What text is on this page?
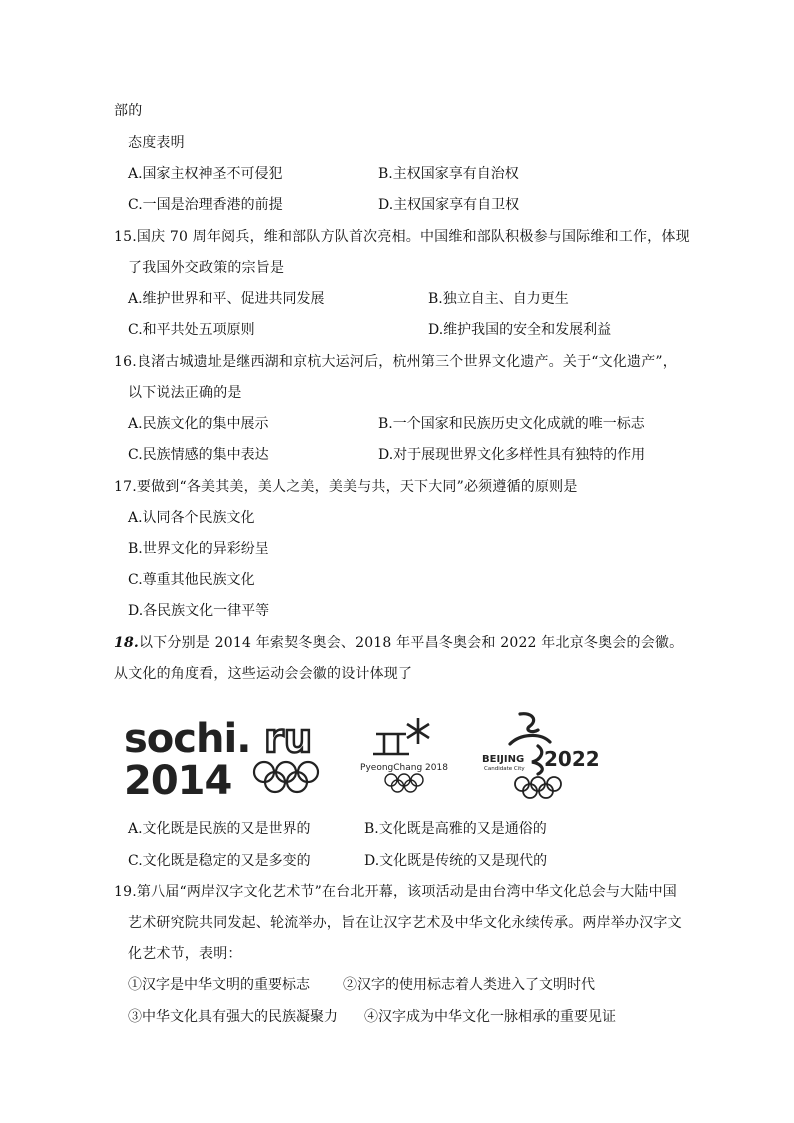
部的
态度表明
A.国家主权神圣不可侵犯	B.主权国家享有自治权
C.一国是治理香港的前提	D.主权国家享有自卫权
15.国庆 70 周年阅兵，维和部队方队首次亮相。中国维和部队积极参与国际维和工作，体现
了我国外交政策的宗旨是
A.维护世界和平、促进共同发展	B.独立自主、自力更生
C.和平共处五项原则	D.维护我国的安全和发展利益
16.良渚古城遗址是继西湖和京杭大运河后，杭州第三个世界文化遗产。关于“文化遗产”，
以下说法正确的是
A.民族文化的集中展示	B.一个国家和民族历史文化成就的唯一标志
C.民族情感的集中表达	D.对于展现世界文化多样性具有独特的作用
17.要做到“各美其美，美人之美，美美与共，天下大同”必须遵循的原则是
A.认同各个民族文化
B.世界文化的异彩纷呈
C.尊重其他民族文化
D.各民族文化一律平等
18.以下分别是 2014 年索契冬奥会、2018 年平昌冬奥会和 2022 年北京冬奥会的会徽。
从文化的角度看，这些运动会会徽的设计体现了
sochi. ru
2014	PyeongChang 2018
BEIJING
Candidate City 2022
A.文化既是民族的又是世界的	B.文化既是高雅的又是通俗的
C.文化既是稳定的又是多变的	D.文化既是传统的又是现代的
19.第八届“两岸汉字文化艺术节”在台北开幕，该项活动是由台湾中华文化总会与大陆中国
艺术研究院共同发起、轮流举办，旨在让汉字艺术及中华文化永续传承。两岸举办汉字文
化艺术节，表明：
①汉字是中华文明的重要标志 ②汉字的使用标志着人类进入了文明时代
③中华文化具有强大的民族凝聚力 ④汉字成为中华文化一脉相承的重要见证
